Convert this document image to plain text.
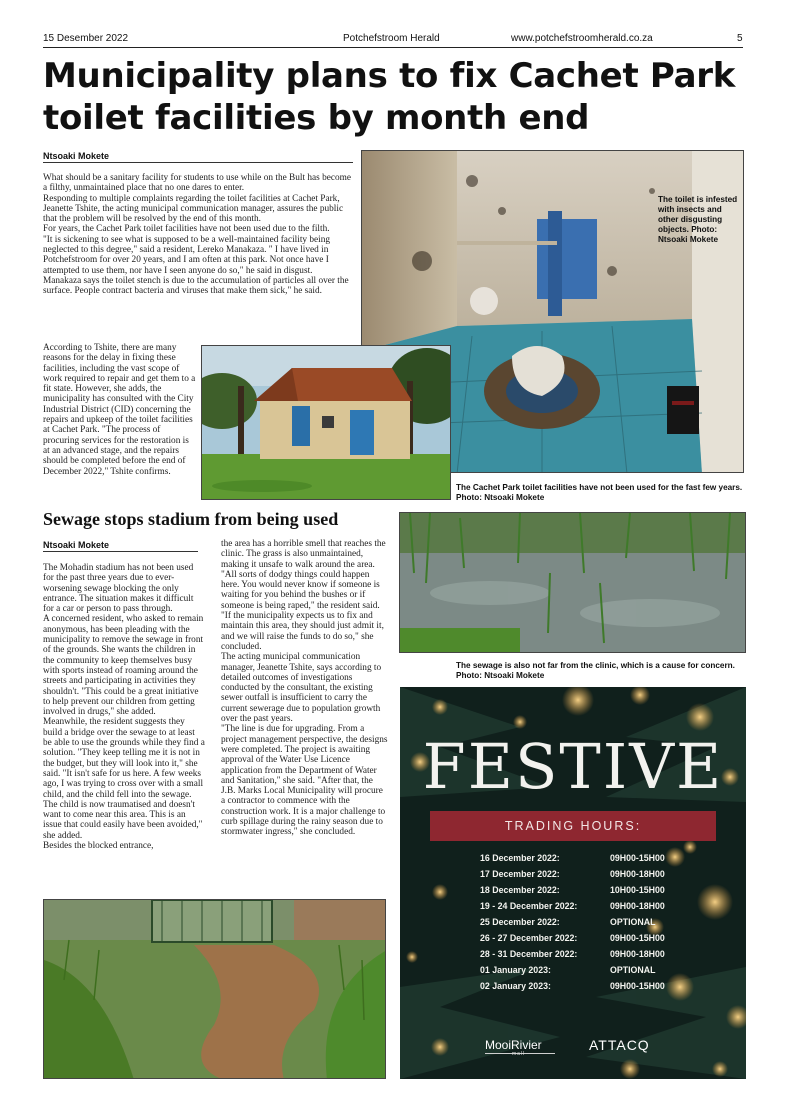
15 Desember 2022	Potchefstroom Herald	www.potchefstroomherald.co.za	5
Municipality plans to fix Cachet Park
toilet facilities by month end
Ntsoaki Mokete

What should be a sanitary facility for students to use while on the Bult has become a filthy, unmaintained place that no one dares to enter.

Responding to multiple complaints regarding the toilet facilities at Cachet Park, Jeanette Tshite, the acting municipal communication manager, assures the public that the problem will be resolved by the end of this month.

For years, the Cachet Park toilet facilities have not been used due to the filth.

"It is sickening to see what is supposed to be a well-maintained facility being neglected to this degree," said a resident, Lereko Manakaza. " I have lived in Potchefstroom for over 20 years, and I am often at this park. Not once have I attempted to use them, nor have I seen anyone do so," he said in disgust.

Manakaza says the toilet stench is due to the accumulation of particles all over the surface. People contract bacteria and viruses that make them sick," he said.

According to Tshite, there are many reasons for the delay in fixing these facilities, including the vast scope of work required to repair and get them to a fit state. However, she adds, the municipality has consulted with the City Industrial District (CID) concerning the repairs and upkeep of the toilet facilities at Cachet Park. "The process of procuring services for the restoration is at an advanced stage, and the repairs should be completed before the end of December 2022," Tshite confirms.

The toilet is infested with insects and other disgusting objects. Photo: Ntsoaki Mokete
The Cachet Park toilet facilities have not been used for the fast few years. Photo: Ntsoaki Mokete
Sewage stops stadium from being used
Ntsoaki Mokete

The Mohadin stadium has not been used for the past three years due to ever-worsening sewage blocking the only entrance. The situation makes it difficult for a car or person to pass through.

A concerned resident, who asked to remain anonymous, has been pleading with the municipality to remove the sewage in front of the grounds. She wants the children in the community to keep themselves busy with sports instead of roaming around the streets and participating in activities they shouldn't. "This could be a great initiative to help prevent our children from getting involved in drugs," she added.

Meanwhile, the resident suggests they build a bridge over the sewage to at least be able to use the grounds while they find a solution. "They keep telling me it is not in the budget, but they will look into it," she said. "It isn't safe for us here. A few weeks ago, I was trying to cross over with a small child, and the child fell into the sewage. The child is now traumatised and doesn't want to come near this area. This is an issue that could easily have been avoided," she added.

Besides the blocked entrance,

the area has a horrible smell that reaches the clinic. The grass is also unmaintained, making it unsafe to walk around the area.

"All sorts of dodgy things could happen here. You would never know if someone is waiting for you behind the bushes or if someone is being raped," the resident said. "If the municipality expects us to fix and maintain this area, they should just admit it, and we will raise the funds to do so," she concluded.

The acting municipal communication manager, Jeanette Tshite, says according to detailed outcomes of investigations conducted by the consultant, the existing sewer outfall is insufficient to carry the current sewerage due to population growth over the past years.

"The line is due for upgrading. From a project management perspective, the designs were completed. The project is awaiting approval of the Water Use Licence application from the Department of Water and Sanitation," she said. "After that, the J.B. Marks Local Municipality will procure a contractor to commence with the construction work. It is a major challenge to curb spillage during the rainy season due to stormwater ingress," she concluded.

The sewage is also not far from the clinic, which is a cause for concern. Photo: Ntsoaki Mokete
FESTIVE
TRADING HOURS:
16 December 2022:	09H00-15H00
17 December 2022:	09H00-18H00
18 December 2022:	10H00-15H00
19 - 24 December 2022:	09H00-18H00
25 December 2022:	OPTIONAL
26 - 27 December 2022:	09H00-15H00
28 - 31 December 2022:	09H00-18H00
01 January 2023:	OPTIONAL
02 January 2023:	09H00-15H00
MooiRivier
mall
ATTACQ
